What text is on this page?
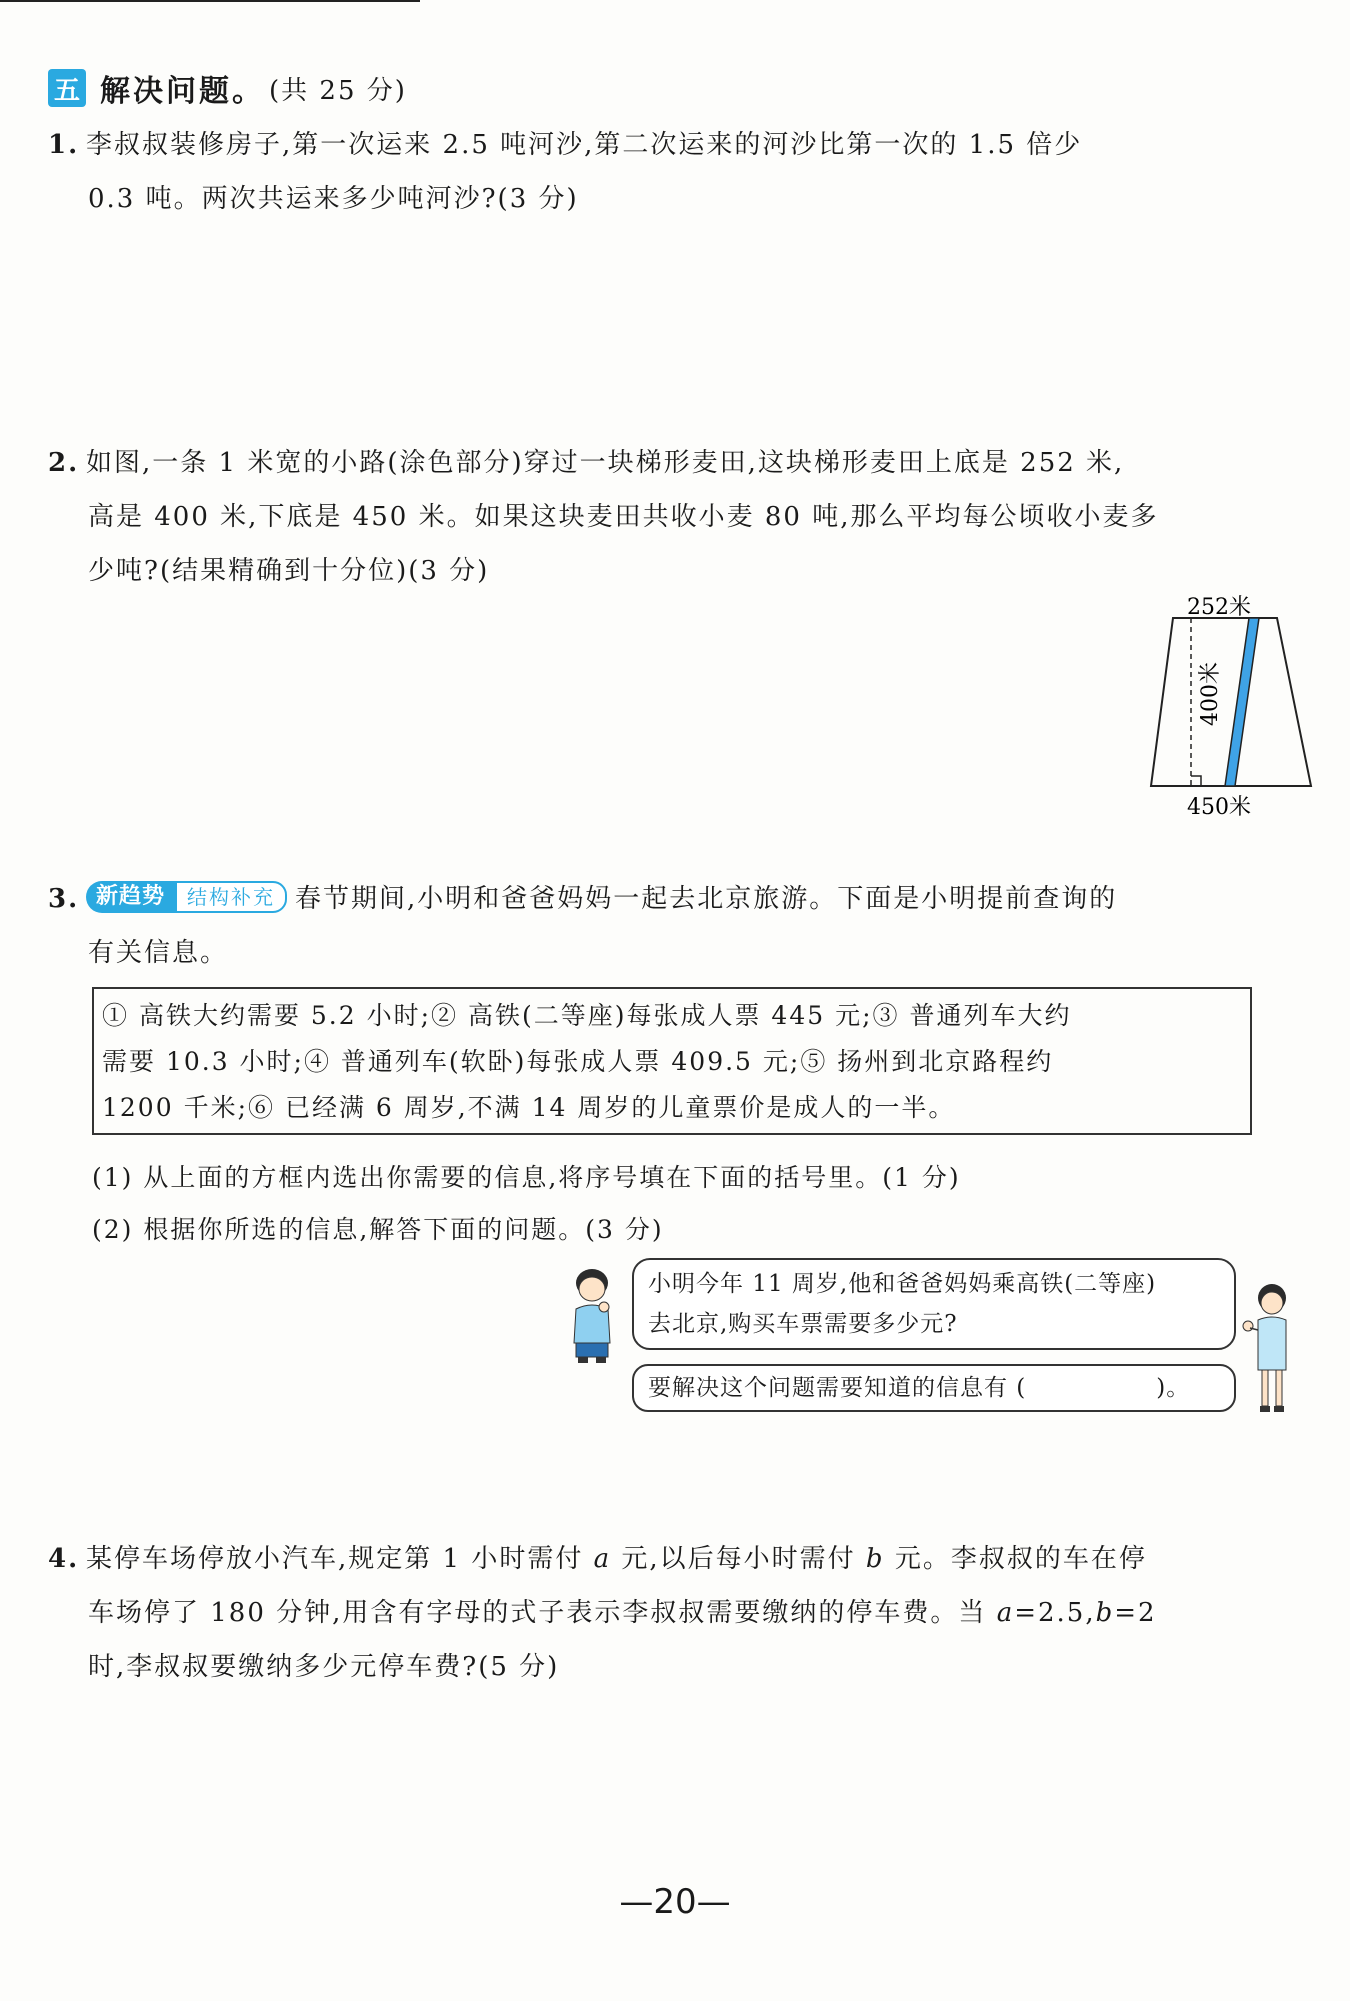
五 解决问题。 (共 25 分)
1. 李叔叔装修房子,第一次运来 2.5 吨河沙,第二次运来的河沙比第一次的 1.5 倍少
0.3 吨。两次共运来多少吨河沙?(3 分)
2. 如图,一条 1 米宽的小路(涂色部分)穿过一块梯形麦田,这块梯形麦田上底是 252 米,
高是 400 米,下底是 450 米。如果这块麦田共收小麦 80 吨,那么平均每公顷收小麦多
少吨?(结果精确到十分位)(3 分)
252米
400米
450米
3. 新趋势	结构补充 春节期间,小明和爸爸妈妈一起去北京旅游。下面是小明提前查询的
有关信息。
① 高铁大约需要 5.2 小时;② 高铁(二等座)每张成人票 445 元;③ 普通列车大约
需要 10.3 小时;④ 普通列车(软卧)每张成人票 409.5 元;⑤ 扬州到北京路程约
1200 千米;⑥ 已经满 6 周岁,不满 14 周岁的儿童票价是成人的一半。
(1) 从上面的方框内选出你需要的信息,将序号填在下面的括号里。(1 分)
(2) 根据你所选的信息,解答下面的问题。(3 分)
小明今年 11 周岁,他和爸爸妈妈乘高铁(二等座)
去北京,购买车票需要多少元?
要解决这个问题需要知道的信息有 (	)。
4. 某停车场停放小汽车,规定第 1 小时需付 a 元,以后每小时需付 b 元。李叔叔的车在停
车场停了 180 分钟,用含有字母的式子表示李叔叔需要缴纳的停车费。当 a=2.5,b=2
时,李叔叔要缴纳多少元停车费?(5 分)
—20—
